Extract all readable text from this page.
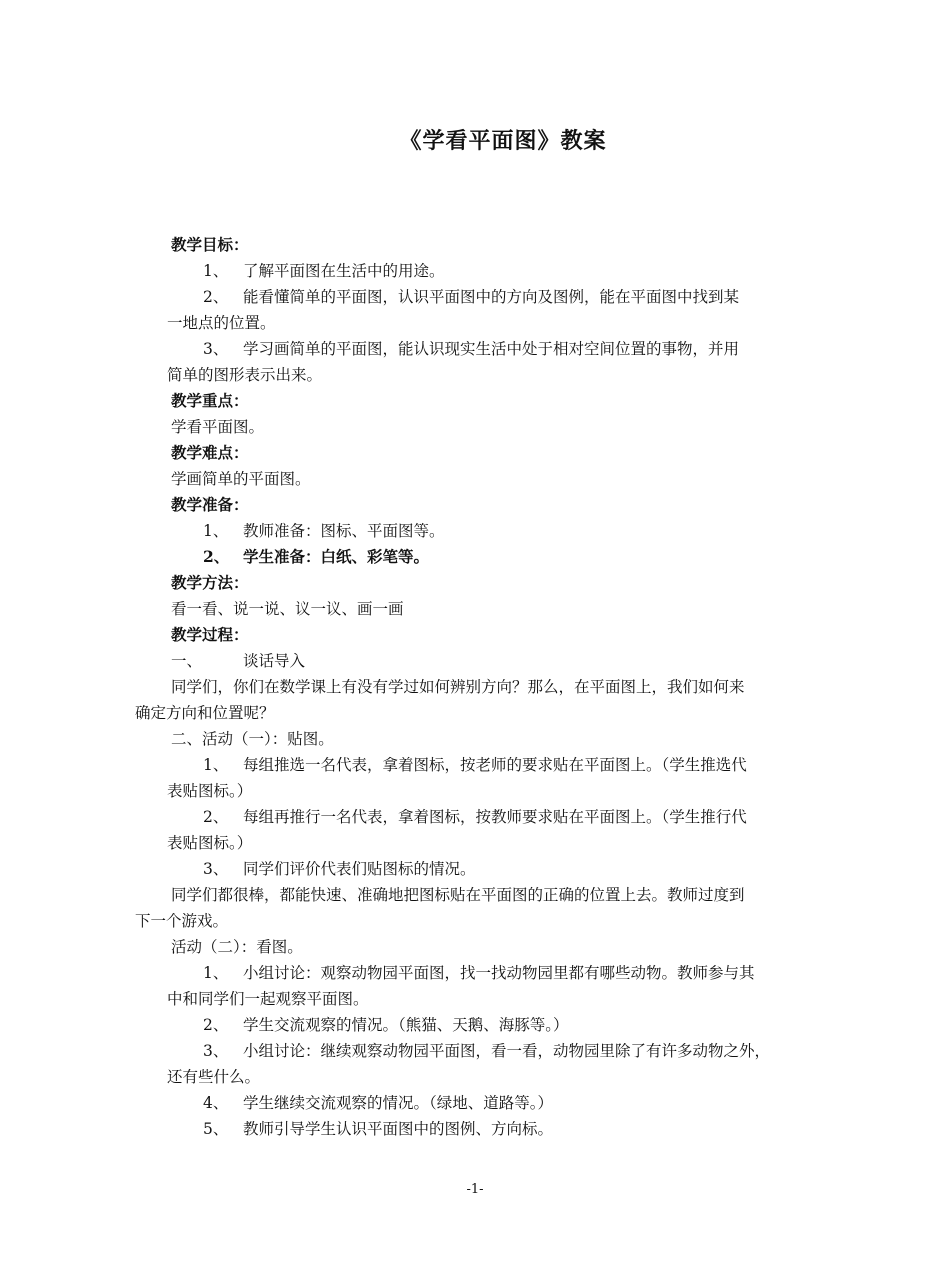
《学看平面图》教案

教学目标：

1、 了解平面图在生活中的用途。
2、 能看懂简单的平面图，认识平面图中的方向及图例，能在平面图中找到某
一地点的位置。
3、 学习画简单的平面图，能认识现实生活中处于相对空间位置的事物，并用
简单的图形表示出来。

教学重点：

学看平面图。

教学难点：

学画简单的平面图。

教学准备：

1、 教师准备：图标、平面图等。
2、 学生准备：白纸、彩笔等。

教学方法：

看一看、说一说、议一议、画一画

教学过程：

一、	谈话导入

同学们，你们在数学课上有没有学过如何辨别方向？那么，在平面图上，我们如何来
确定方向和位置呢？

二、活动（一）：贴图。

1、 每组推选一名代表，拿着图标，按老师的要求贴在平面图上。（学生推选代
表贴图标。）
2、 每组再推行一名代表，拿着图标，按教师要求贴在平面图上。（学生推行代
表贴图标。）
3、 同学们评价代表们贴图标的情况。

同学们都很棒，都能快速、准确地把图标贴在平面图的正确的位置上去。教师过度到
下一个游戏。

活动（二）：看图。

1、 小组讨论：观察动物园平面图，找一找动物园里都有哪些动物。教师参与其
中和同学们一起观察平面图。
2、 学生交流观察的情况。（熊猫、天鹅、海豚等。）
3、 小组讨论：继续观察动物园平面图，看一看，动物园里除了有许多动物之外，
还有些什么。
4、 学生继续交流观察的情况。（绿地、道路等。）
5、 教师引导学生认识平面图中的图例、方向标。
-1-
